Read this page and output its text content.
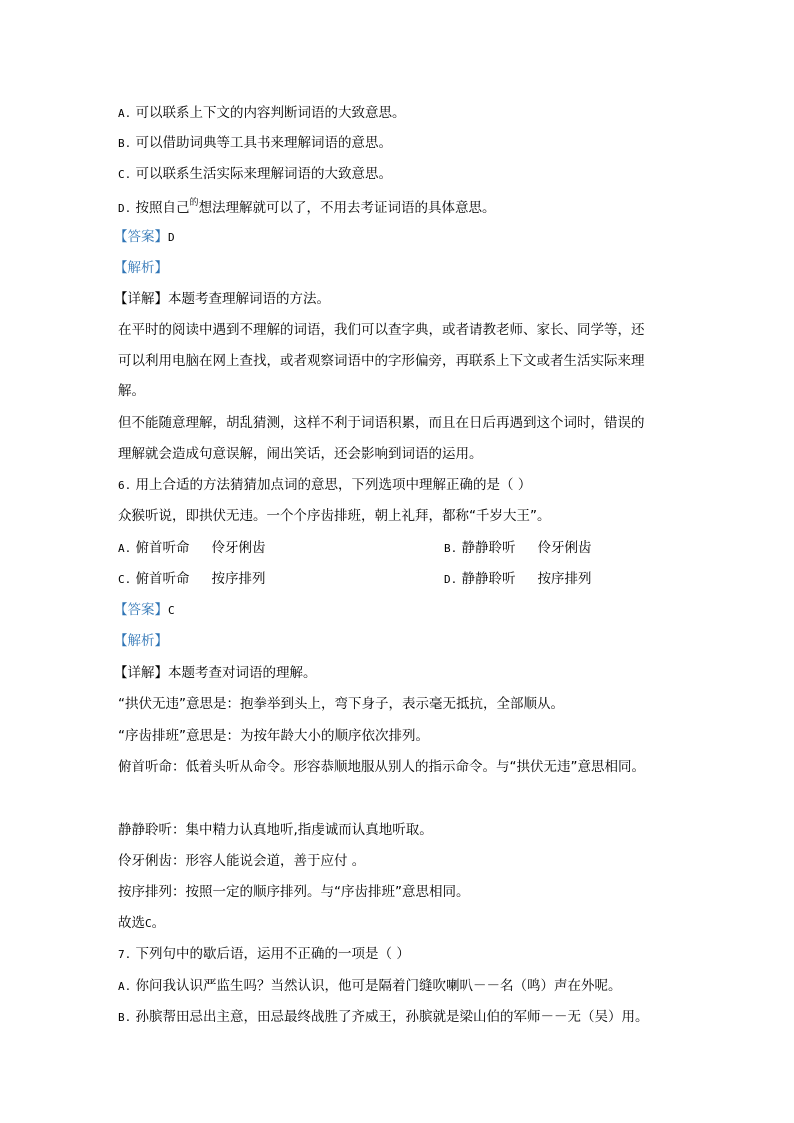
A. 可以联系上下文的内容判断词语的大致意思。
B. 可以借助词典等工具书来理解词语的意思。
C. 可以联系生活实际来理解词语的大致意思。
D. 按照自己$^的$想法理解就可以了，不用去考证词语的具体意思。
【答案】D
【解析】
【详解】本题考查理解词语的方法。
在平时的阅读中遇到不理解的词语，我们可以查字典，或者请教老师、家长、同学等，还
可以利用电脑在网上查找，或者观察词语中的字形偏旁，再联系上下文或者生活实际来理
解。
但不能随意理解，胡乱猜测，这样不利于词语积累，而且在日后再遇到这个词时，错误的
理解就会造成句意误解，闹出笑话，还会影响到词语的运用。
6. 用上合适的方法猜猜加点词的意思，下列选项中理解正确的是（ ）
众猴听说，即拱伏无违。一个个序齿排班，朝上礼拜，都称“千岁大王”。
A. 俯首听命 伶牙俐齿	B. 静静聆听 伶牙俐齿
C. 俯首听命 按序排列	D. 静静聆听 按序排列
【答案】C
【解析】
【详解】本题考查对词语的理解。
“拱伏无违”意思是：抱拳举到头上，弯下身子，表示毫无抵抗，全部顺从。
“序齿排班”意思是：为按年龄大小的顺序依次排列。
俯首听命：低着头听从命令。形容恭顺地服从别人的指示命令。与“拱伏无违”意思相同。
静静聆听：集中精力认真地听,指虔诚而认真地听取。
伶牙俐齿：形容人能说会道，善于应付 。
按序排列：按照一定的顺序排列。与“序齿排班”意思相同。
故选C。
7. 下列句中的歇后语，运用不正确的一项是（ ）
A. 你问我认识严监生吗？当然认识，他可是隔着门缝吹喇叭－－名（鸣）声在外呢。
B. 孙膑帮田忌出主意，田忌最终战胜了齐威王，孙膑就是梁山伯的军师－－无（吴）用。
